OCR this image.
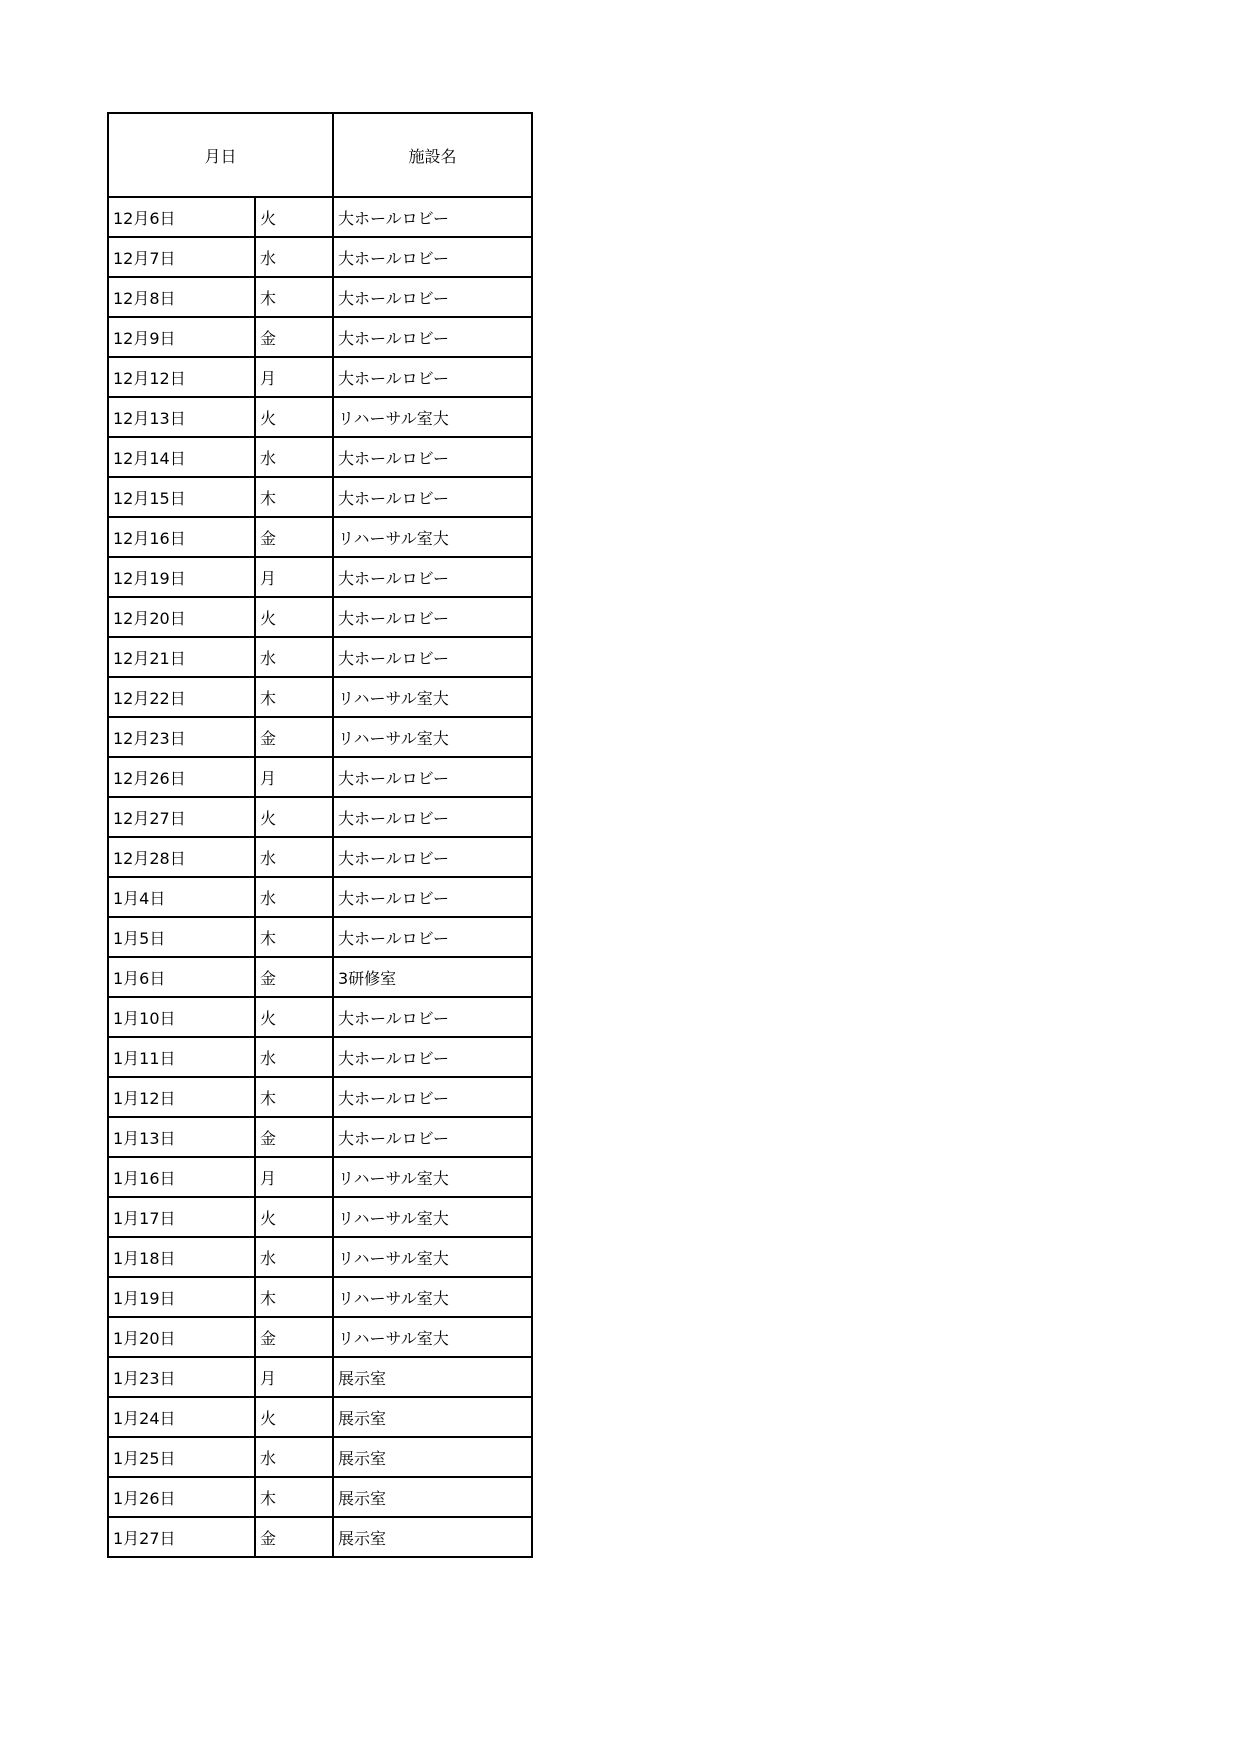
月日		施設名
12月6日	火	大ホールロビー
12月7日	水	大ホールロビー
12月8日	木	大ホールロビー
12月9日	金	大ホールロビー
12月12日	月	大ホールロビー
12月13日	火	リハーサル室大
12月14日	水	大ホールロビー
12月15日	木	大ホールロビー
12月16日	金	リハーサル室大
12月19日	月	大ホールロビー
12月20日	火	大ホールロビー
12月21日	水	大ホールロビー
12月22日	木	リハーサル室大
12月23日	金	リハーサル室大
12月26日	月	大ホールロビー
12月27日	火	大ホールロビー
12月28日	水	大ホールロビー
1月4日	水	大ホールロビー
1月5日	木	大ホールロビー
1月6日	金	3研修室
1月10日	火	大ホールロビー
1月11日	水	大ホールロビー
1月12日	木	大ホールロビー
1月13日	金	大ホールロビー
1月16日	月	リハーサル室大
1月17日	火	リハーサル室大
1月18日	水	リハーサル室大
1月19日	木	リハーサル室大
1月20日	金	リハーサル室大
1月23日	月	展示室
1月24日	火	展示室
1月25日	水	展示室
1月26日	木	展示室
1月27日	金	展示室
